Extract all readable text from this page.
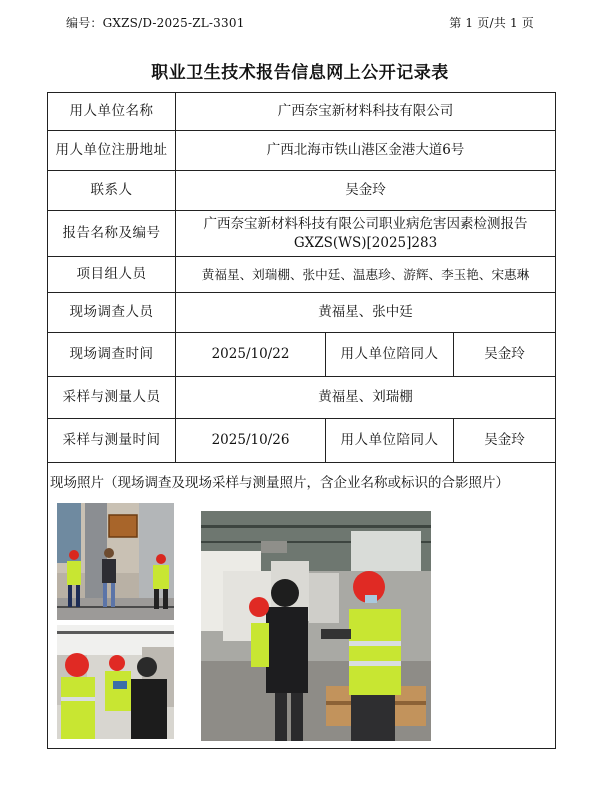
编号：GXZS/D-2025-ZL-3301	第 1 页/共 1 页
职业卫生技术报告信息网上公开记录表
用人单位名称	广西奈宝新材料科技有限公司		
用人单位注册地址	广西北海市铁山港区金港大道6号		
联系人	吴金玲		
报告名称及编号	广西奈宝新材料科技有限公司职业病危害因素检测报告
GXZS(WS)[2025]283		

项目组人员	黄福星、刘瑞棚、张中廷、温惠珍、游辉、李玉艳、宋惠琳		
现场调查人员	黄福星、张中廷		
现场调查时间	2025/10/22	用人单位陪同人	吴金玲
采样与测量人员	黄福星、刘瑞棚		
采样与测量时间	2025/10/26	用人单位陪同人	吴金玲

现场照片（现场调查及现场采样与测量照片，含企业名称或标识的合影照片）			
